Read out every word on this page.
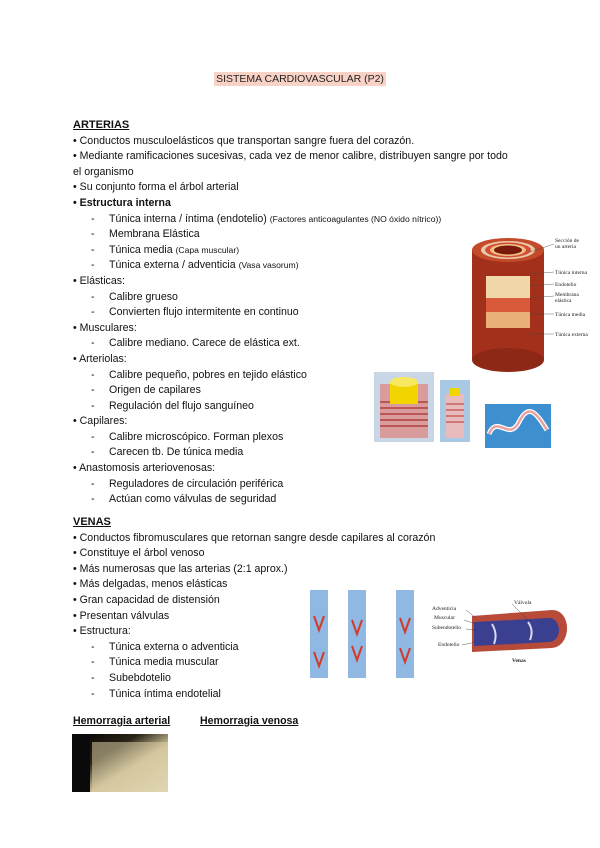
SISTEMA CARDIOVASCULAR (P2)
ARTERIAS
• Conductos musculoelásticos que transportan sangre fuera del corazón.
• Mediante ramificaciones sucesivas, cada vez de menor calibre, distribuyen sangre por todo
el organismo
• Su conjunto forma el árbol arterial
• Estructura interna
- Túnica interna / íntima (endotelio) (Factores anticoagulantes (NO óxido nítrico))
- Membrana Elástica
- Túnica media (Capa muscular)
- Túnica externa / adventicia (Vasa vasorum)
• Elásticas:
- Calibre grueso
- Convierten flujo intermitente en continuo
• Musculares:
- Calibre mediano. Carece de elástica ext.
• Arteriolas:
- Calibre pequeño, pobres en tejido elástico
- Origen de capilares
- Regulación del flujo sanguíneo
• Capilares:
- Calibre microscópico. Forman plexos
- Carecen tb. De túnica media
• Anastomosis arteriovenosas:
- Reguladores de circulación periférica
- Actúan como válvulas de seguridad
VENAS
• Conductos fibromusculares que retornan sangre desde capilares al corazón
• Constituye el árbol venoso
• Más numerosas que las arterias (2:1 aprox.)
• Más delgadas, menos elásticas
• Gran capacidad de distensión
• Presentan válvulas
• Estructura:
- Túnica externa o adventicia
- Túnica media muscular
- Subebdotelio
- Túnica íntima endotelial
Sección de un arteria
Túnica interna
Endotelio
Membrana elástica
Túnica media
Túnica externa
Válvula
Adventicia
Muscular
Subendotelio
Endotelio
Venas
Hemorragia arterial	Hemorragia venosa
